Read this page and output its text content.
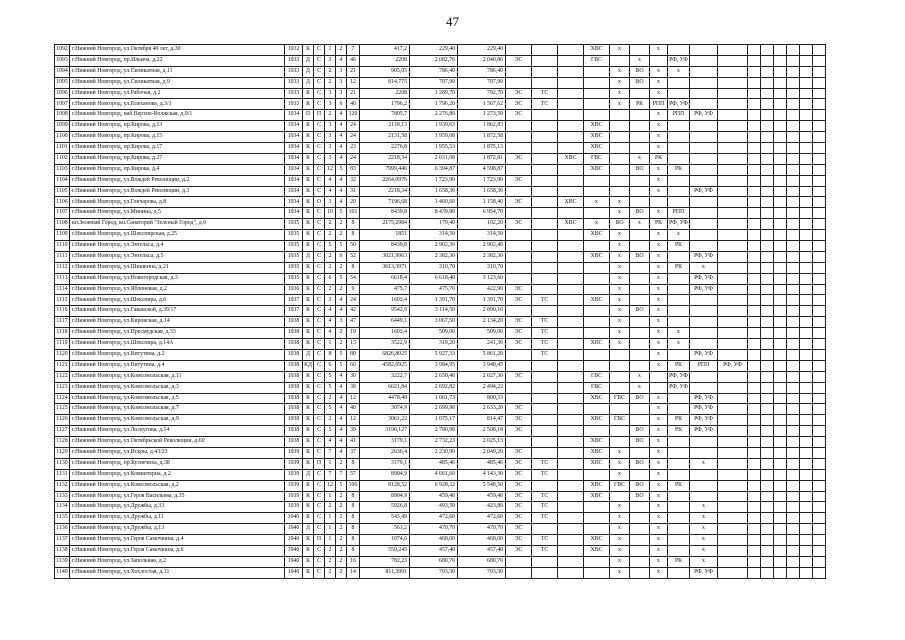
47
1092	г.Нижний Новгород, ул.Октября 40 лет, д.30	1932	К	С	1	2	7	417,2	229,40	229,40				ХВС	х		х									
1093	г.Нижний Новгород, пр.Ильича, д.22	1933	Д	С	3	4	46	2208	2 082,76	2 040,86	ЭС			ГВС		х		РФ, УФ								
1094	г.Нижний Новгород, ул.Силикатная, д.11	1933	Д	С	2	3	21	905,05	786,40	786,40					х	ВО	х	х								
1095	г.Нижний Новгород, ул.Силикатная, д.9	1933	Д	С	2	3	12	814,775	707,90	707,90					х	ВО	х									
1096	г.Нижний Новгород, ул.Рабочая, д.2	1933	К	С	3	3	21	2208	1 289,70	792,70	ЭС	ТС			х		х									
1097	г.Нижний Новгород, ул.Плеханова, д.3/1	1933	К	С	3	6	40	1796,2	1 796,20	1 567,62	ЭС	ТС			х	РК	РПП	РФ, УФ								
1098	г.Нижний Новгород, наб.Верхне-Волжская, д.9/1	1934	П	П	2	4	120	7805,7	2 276,80	1 273,50	ЭС						х	РПП	РФ, УФ							
1099	г.Нижний Новгород, пр.Кирова, д.13	1934	К	С	3	4	24	2118,13	1 939,63	1 862,83				ХВС			х									
1100	г.Нижний Новгород, пр.Кирова, д.15	1934	К	С	3	4	24	2131,58	1 959,08	1 872,58				ХВС			х									
1101	г.Нижний Новгород, пр.Кирова, д.17	1934	К	С	3	4	23	2276,8	1 955,53	1 875,13				ХВС			х									
1102	г.Нижний Новгород, пр.Кирова, д.27	1934	К	С	3	4	24	2218,34	2 031,08	1 872,81	ЭС		ХВС	ГВС		х	РК									
1103	г.Нижний Новгород, пр.Кирова, д.4	1934	К	С	12	5	83	7999,446	6 394,87	4 598,87				ХВС		ВО	х	РК								
1104	г.Нижний Новгород, ул.Вождей Революции, д.2	1934	К	С	4	4	32	2264,0976	1 723,90	1 723,90	ЭС						х									
1105	г.Нижний Новгород, ул.Вождей Революции, д.3	1934	К	С	4	4	31	2218,34	1 658,30	1 658,30							х		РФ, УФ							
1106	г.Нижний Новгород, ул.Гончарова, д.8	1934	К	О	3	4	20	7196,68	1 460,60	1 158,40	ЭС		ХВС	х	х											
1107	г.Нижний Новгород, ул.Минина, д.5	1934	К	С	10	5	101	8439,8	8 439,80	6 954,70					х	ВО	х	РПП								
1108	кп.Зеленый Город, кп.Санаторий "Зеленый Город", д.6	1935	К	С	2	2	8	2175,2984	179,40	102,20	ЭС		ХВС	х	ВО	х	РК	РФ, УФ								
1109	г.Нижний Новгород, ул.Шекспирская, д.25	1935	К	С	2	2	8	1851	314,50	314,50				ХВС	х		х	х								
1110	г.Нижний Новгород, ул.Энгельса, д.4	1935	К	С	5	5	50	8439,8	2 902,30	2 902,40					х		х	РК								
1111	г.Нижний Новгород, ул.Энгельса, д.5	1935	Д	С	2	6	52	3021,9963	2 382,30	2 382,30				ХВС	х	ВО	х		РФ, УФ							
1112	г.Нижний Новгород, ул.Шишкина, д.21	1935	К	С	2	2	8	3613,3971	310,70	310,70					х		х	РК	х							
1113	г.Нижний Новгород, ул.Новогородская, д.3	1935	К	С	6	5	54	6618,4	6 618,40	3 123,60					х		х		РФ, УФ							
1114	г.Нижний Новгород, ул.Яблоневая, д.2	1936	К	С	2	2	9	475,7	475,70	422,90	ЭС				х		х		РФ, УФ							
1115	г.Нижний Новгород, ул.Шекспира, д.6	1937	К	С	3	4	24	1603,4	1 391,70	1 391,70	ЭС	ТС		ХВС	х		х									
1116	г.Нижний Новгород, ул.Гаванской, д.39/17	1937	К	С	4	4	42	9542,9	3 114,50	2 890,10					х	ВО	х									
1117	г.Нижний Новгород, ул.Кировская, д.14	1938	К	С	4	3	47	6449,1	3 067,50	2 134,20	ЭС	ТС			х		х									
1118	г.Нижний Новгород, ул.Пресмудская, д.33	1938	К	С	4	2	19	1603,4	509,00	509,00	ЭС	ТС			х		х	х								
1119	г.Нижний Новгород, ул.Шекспира, д.14А	1938	К	С	1	2	13	3522,9	319,20	241,30	ЭС	ТС		ХВС	х		х	х								
1120	г.Нижний Новгород, ул.Витутина, д.2	1938	Д	С	8	5	80	6826,8025	5 927,33	5 861,20		ТС					х		РФ, УФ							
1121	г.Нижний Новгород, ул.Витутина, д.4	1938	КД	С	6	5	60	4582,6925	3 984,95	3 948,45							х	РК	РПП	РФ, УФ						
1122	г.Нижний Новгород, ул.Комсомольская, д.11	1938	К	С	5	4	30	3222,7	2 650,40	2 027,30	ЭС			ГВС		х		РФ, УФ								
1123	г.Нижний Новгород, ул.Комсомольская, д.3	1938	К	С	5	4	38	6621,84	2 692,82	2 494,22				ГВС		х		РФ, УФ								
1124	г.Нижний Новгород, ул.Комсомольская, д.5	1938	К	С	2	4	12	4478,48	1 061,73	800,33				ХВС	ГВС	ВО	х		РФ, УФ							
1125	г.Нижний Новгород, ул.Комсомольская, д.7	1938	К	С	5	4	40	3074,9	2 699,90	2 633,20	ЭС						х		РФ, УФ							
1126	г.Нижний Новгород, ул.Комсомольская, д.9	1938	К	С	2	4	12	3061,22	1 075,17	814,47	ЭС			ХВС	ГВС		х	РК	РФ, УФ							
1127	г.Нижний Новгород, ул.Лоскутова, д.14	1938	К	С	5	4	39	3198,127	2 780,98	2 508,18	ЭС					ВО	х	РК	РФ, УФ							
1128	г.Нижний Новгород, ул.Октябрьской Революции, д.60	1938	К	С	4	4	41	3179,1	2 732,23	2 025,13				ХВС		ВО	х									
1129	г.Нижний Новгород, ул.Искры, д.43/23	1939	К	С	7	4	37	2636,4	2 230,90	2 049,20	ЭС			ХВС	х		х									
1130	г.Нижний Новгород, пр.Кузнечиха, д.38	1939	К	П	1	2	8	3179,1	485,46	485,46	ЭС	ТС		ХВС	х	ВО	х		х							
1131	г.Нижний Новгород, ул.Коминтерна, д.2	1939	Д	С	7	7	57	8904,9	4 661,60	4 143,30	ЭС	ТС			х		х									
1132	г.Нижний Новгород, ул.Комсомольская, д.2	1939	К	С	12	5	106	8128,52	6 928,32	5 548,50	ЭС			ХВС	ГВС	ВО	х	РК								
1133	г.Нижний Новгород, ул.Героя Васильева, д.35	1939	К	С	1	2	8	8904,9	459,40	459,40	ЭС	ТС		ХВС		ВО	х									
1134	г.Нижний Новгород, ул.Дружбы, д.33	1939	К	С	2	2	8	5926,8	493,50	423,80	ЭС	ТС			х		х		х							
1135	г.Нижний Новгород, ул.Дружбы, д.11	1940	К	С	1	2	8	543,49	472,60	472,60	ЭС	ТС			х		х		х							
1136	г.Нижний Новгород, ул.Дружбы, д.13	1940	Д	С	1	2	8	561,2	470,70	470,70	ЭС				х		х		х							
1137	г.Нижний Новгород, ул.Героя Самочкина, д.4	1940	К	П	1	2	8	1074,6	468,00	468,00	ЭС	ТС		ХВС	х		х		х							
1138	г.Нижний Новгород, ул.Героя Самочкина, д.6	1940	К	С	2	2	8	559,245	457,40	457,40	ЭС	ТС		ХВС	х		х		х							
1139	г.Нижний Новгород, ул.Запольная, д.2	1940	К	С	2	2	16	782,23	680,70	680,70					х		х	РК	х							
1140	г.Нижний Новгород, ул.Хохлостая, д.11	1940	К	С	2	2	14	811,3991	703,30	703,30					х		х		РФ, УФ							
